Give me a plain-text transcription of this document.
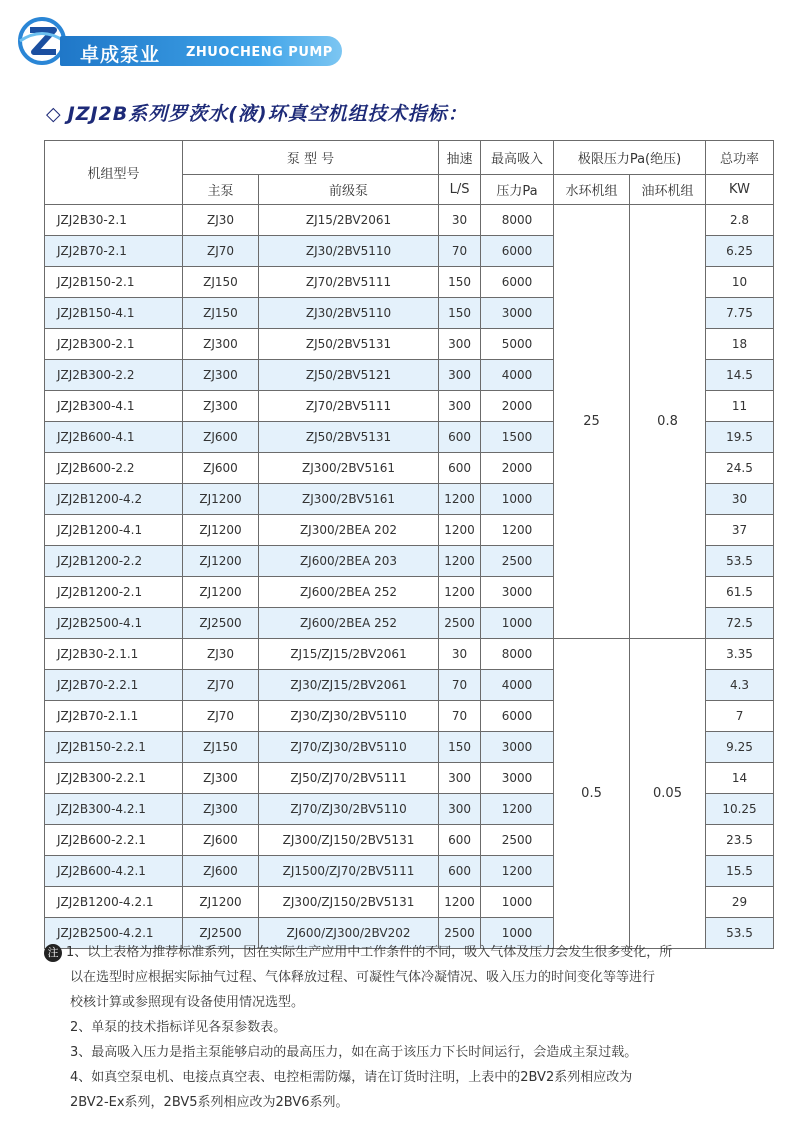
卓成泵业 ZHUOCHENG PUMP
◇ JZJ2B系列罗茨水(液)环真空机组技术指标：
机组型号	泵 型 号		抽速	最高吸入	极限压力Pa(绝压)		总功率
	主泵	前级泵	L/S	压力Pa	水环机组	油环机组	KW
JZJ2B30-2.1	ZJ30	ZJ15/2BV2061	30	8000	25	0.8	2.8
JZJ2B70-2.1	ZJ70	ZJ30/2BV5110	70	6000			6.25
JZJ2B150-2.1	ZJ150	ZJ70/2BV5111	150	6000			10
JZJ2B150-4.1	ZJ150	ZJ30/2BV5110	150	3000			7.75
JZJ2B300-2.1	ZJ300	ZJ50/2BV5131	300	5000			18
JZJ2B300-2.2	ZJ300	ZJ50/2BV5121	300	4000			14.5
JZJ2B300-4.1	ZJ300	ZJ70/2BV5111	300	2000			11
JZJ2B600-4.1	ZJ600	ZJ50/2BV5131	600	1500			19.5
JZJ2B600-2.2	ZJ600	ZJ300/2BV5161	600	2000			24.5
JZJ2B1200-4.2	ZJ1200	ZJ300/2BV5161	1200	1000			30
JZJ2B1200-4.1	ZJ1200	ZJ300/2BEA 202	1200	1200			37
JZJ2B1200-2.2	ZJ1200	ZJ600/2BEA 203	1200	2500			53.5
JZJ2B1200-2.1	ZJ1200	ZJ600/2BEA 252	1200	3000			61.5
JZJ2B2500-4.1	ZJ2500	ZJ600/2BEA 252	2500	1000			72.5
JZJ2B30-2.1.1	ZJ30	ZJ15/ZJ15/2BV2061	30	8000	0.5	0.05	3.35
JZJ2B70-2.2.1	ZJ70	ZJ30/ZJ15/2BV2061	70	4000			4.3
JZJ2B70-2.1.1	ZJ70	ZJ30/ZJ30/2BV5110	70	6000			7
JZJ2B150-2.2.1	ZJ150	ZJ70/ZJ30/2BV5110	150	3000			9.25
JZJ2B300-2.2.1	ZJ300	ZJ50/ZJ70/2BV5111	300	3000			14
JZJ2B300-4.2.1	ZJ300	ZJ70/ZJ30/2BV5110	300	1200			10.25
JZJ2B600-2.2.1	ZJ600	ZJ300/ZJ150/2BV5131	600	2500			23.5
JZJ2B600-4.2.1	ZJ600	ZJ1500/ZJ70/2BV5111	600	1200			15.5
JZJ2B1200-4.2.1	ZJ1200	ZJ300/ZJ150/2BV5131	1200	1000			29
JZJ2B2500-4.2.1	ZJ2500	ZJ600/ZJ300/2BV202	2500	1000			53.5
注 1、以上表格为推荐标准系列，因在实际生产应用中工作条件的不同，吸入气体及压力会发生很多变化，所
以在选型时应根据实际抽气过程、气体释放过程、可凝性气体冷凝情况、吸入压力的时间变化等等进行
校核计算或参照现有设备使用情况选型。
2、单泵的技术指标详见各泵参数表。
3、最高吸入压力是指主泵能够启动的最高压力，如在高于该压力下长时间运行，会造成主泵过载。
4、如真空泵电机、电接点真空表、电控柜需防爆，请在订货时注明，上表中的2BV2系列相应改为
2BV2-Ex系列，2BV5系列相应改为2BV6系列。
